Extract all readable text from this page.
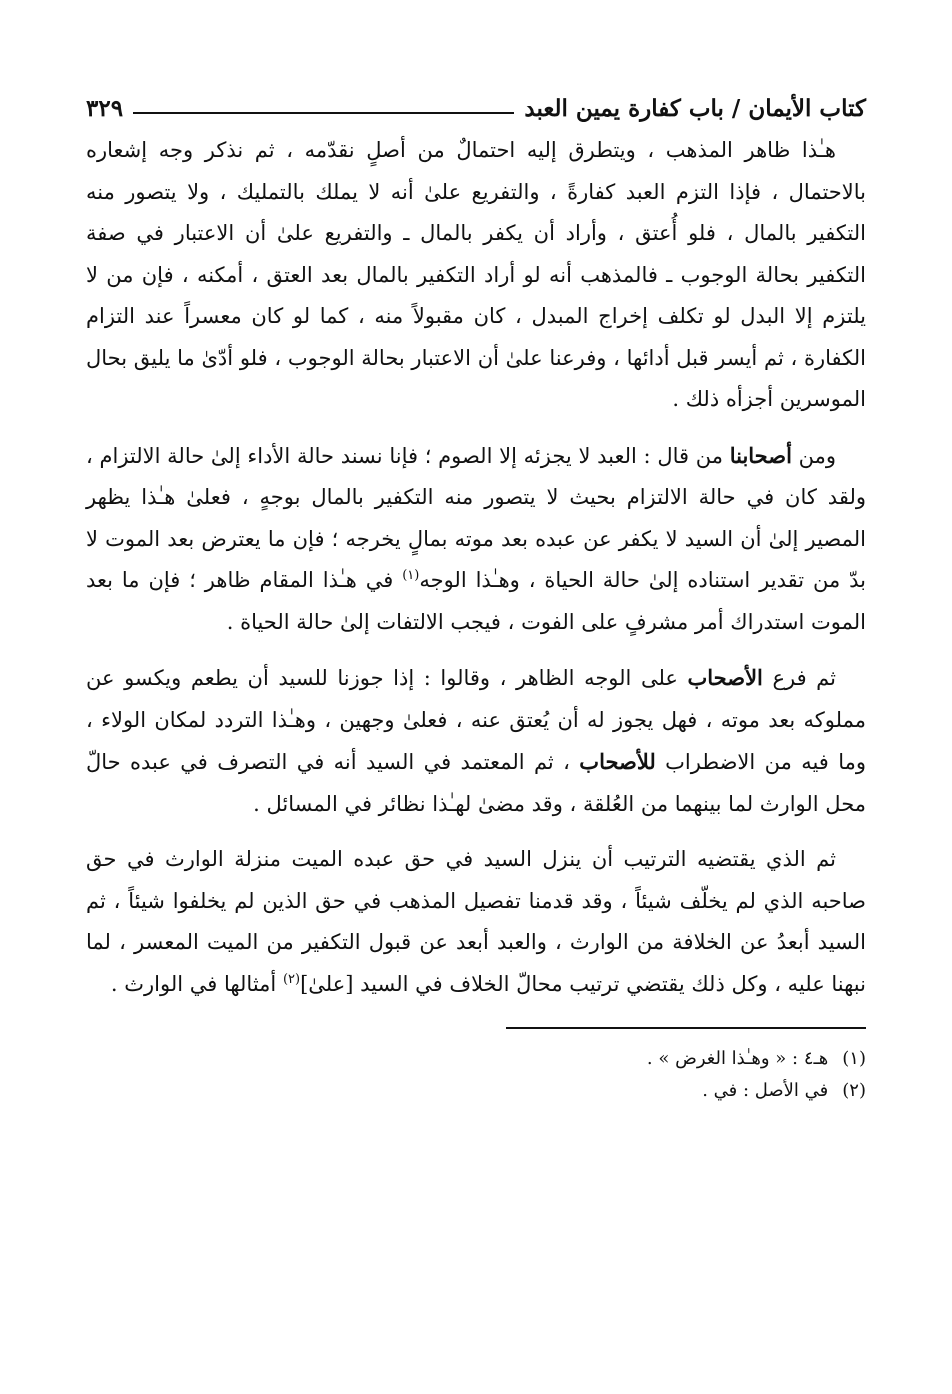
كتاب الأيمان / باب كفارة يمين العبد
٣٢٩

هـٰذا ظاهر المذهب ، ويتطرق إليه احتمالٌ من أصلٍ نقدّمه ، ثم نذكر وجه إشعاره بالاحتمال ، فإذا التزم العبد كفارةً ، والتفريع علىٰ أنه لا يملك بالتمليك ، ولا يتصور منه التكفير بالمال ، فلو أُعتق ، وأراد أن يكفر بالمال ـ والتفريع علىٰ أن الاعتبار في صفة التكفير بحالة الوجوب ـ فالمذهب أنه لو أراد التكفير بالمال بعد العتق ، أمكنه ، فإن من لا يلتزم إلا البدل لو تكلف إخراج المبدل ، كان مقبولاً منه ، كما لو كان معسراً عند التزام الكفارة ، ثم أيسر قبل أدائها ، وفرعنا علىٰ أن الاعتبار بحالة الوجوب ، فلو أدّىٰ ما يليق بحال الموسرين أجزأه ذلك .

ومن أصحابنا من قال : العبد لا يجزئه إلا الصوم ؛ فإنا نسند حالة الأداء إلىٰ حالة الالتزام ، ولقد كان في حالة الالتزام بحيث لا يتصور منه التكفير بالمال بوجهٍ ، فعلىٰ هـٰذا يظهر المصير إلىٰ أن السيد لا يكفر عن عبده بعد موته بمالٍ يخرجه ؛ فإن ما يعترض بعد الموت لا بدّ من تقدير استناده إلىٰ حالة الحياة ، وهـٰذا الوجه$^{(١)}$ في هـٰذا المقام ظاهر ؛ فإن ما بعد الموت استدراك أمر مشرفٍ على الفوت ، فيجب الالتفات إلىٰ حالة الحياة .

ثم فرع الأصحاب على الوجه الظاهر ، وقالوا : إذا جوزنا للسيد أن يطعم ويكسو عن مملوكه بعد موته ، فهل يجوز له أن يُعتق عنه ، فعلىٰ وجهين ، وهـٰذا التردد لمكان الولاء ، وما فيه من الاضطراب للأصحاب ، ثم المعتمد في السيد أنه في التصرف في عبده حالّ محل الوارث لما بينهما من العُلقة ، وقد مضىٰ لهـٰذا نظائر في المسائل .

ثم الذي يقتضيه الترتيب أن ينزل السيد في حق عبده الميت منزلة الوارث في حق صاحبه الذي لم يخلّف شيئاً ، وقد قدمنا تفصيل المذهب في حق الذين لم يخلفوا شيئاً ، ثم السيد أبعدُ عن الخلافة من الوارث ، والعبد أبعد عن قبول التكفير من الميت المعسر ، لما نبهنا عليه ، وكل ذلك يقتضي ترتيب محالّ الخلاف في السيد [علىٰ]$^{(٢)}$ أمثالها في الوارث .

(١)
هـ٤ : « وهـٰذا الغرض » .
(٢)
في الأصل : في .
